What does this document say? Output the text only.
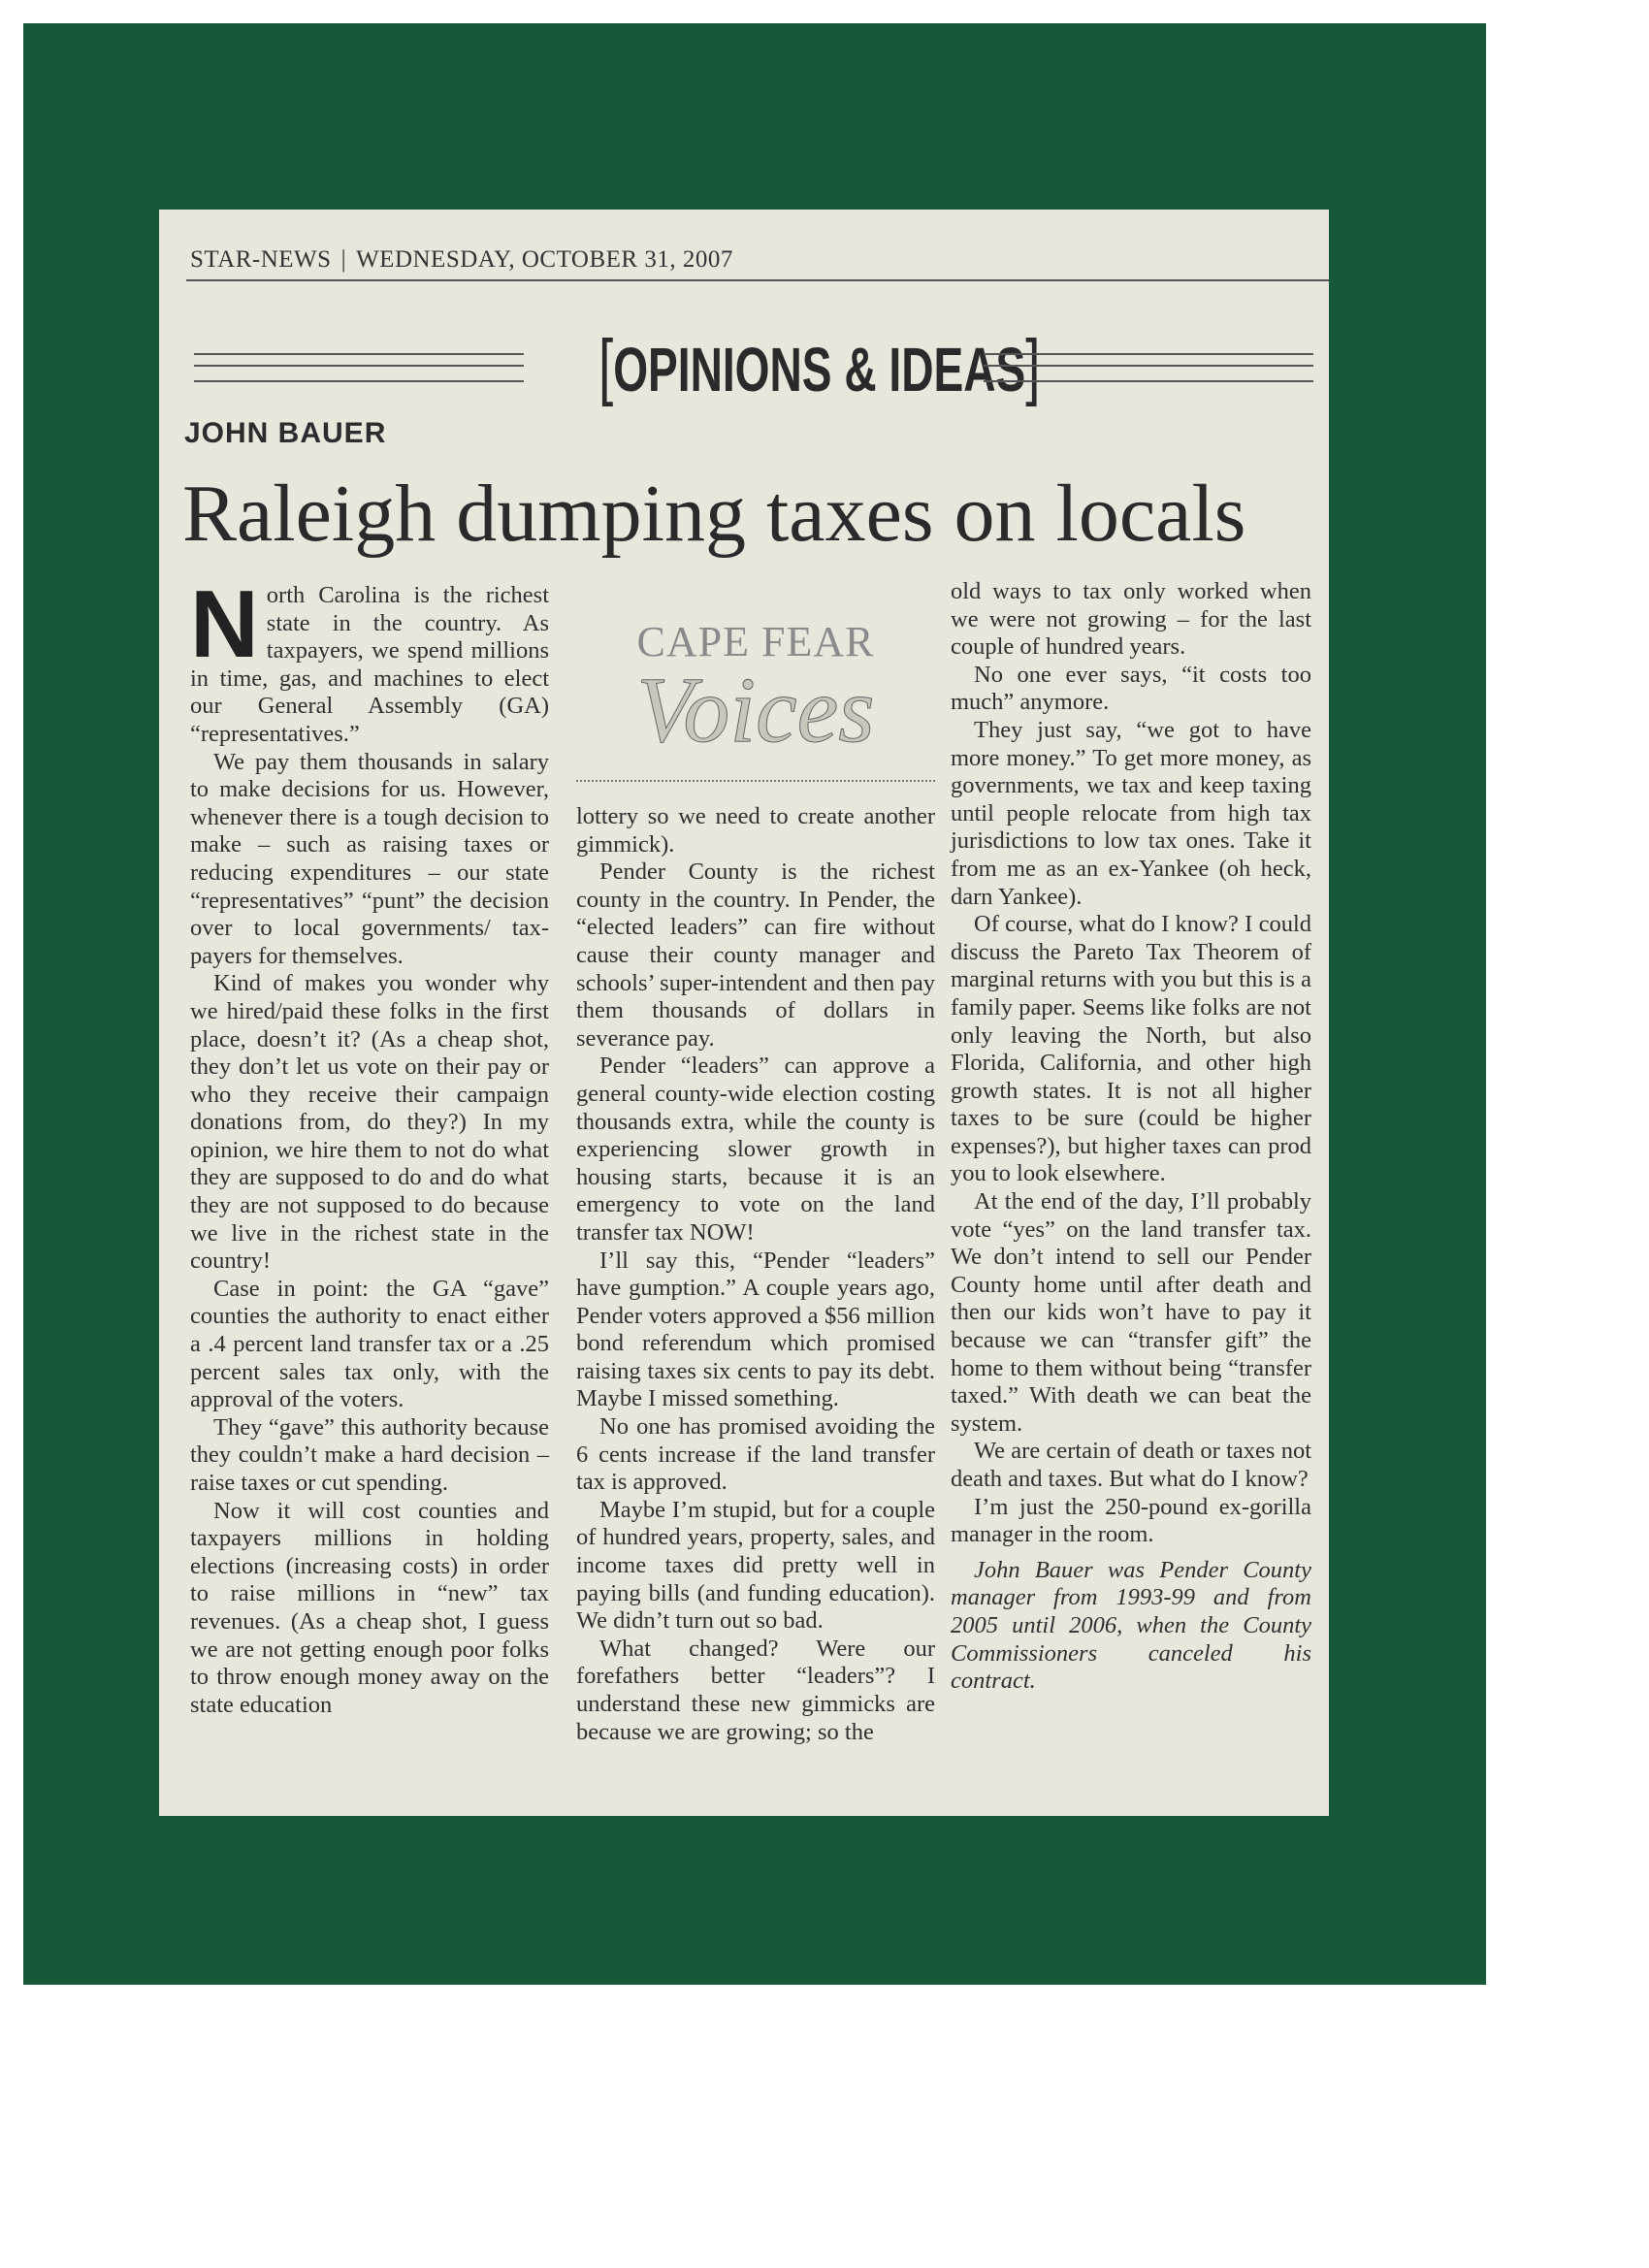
STAR-NEWS | WEDNESDAY, OCTOBER 31, 2007
[OPINIONS & IDEAS]
JOHN BAUER
Raleigh dumping taxes on locals

North Carolina is the richest state in the country. As taxpayers, we spend millions in time, gas, and machines to elect our General Assembly (GA) “representatives.”

We pay them thousands in salary to make decisions for us. However, whenever there is a tough decision to make – such as raising taxes or reducing expenditures – our state “representatives” “punt” the decision over to local governments/ tax-payers for themselves.

Kind of makes you wonder why we hired/paid these folks in the first place, doesn’t it? (As a cheap shot, they don’t let us vote on their pay or who they receive their campaign donations from, do they?) In my opinion, we hire them to not do what they are supposed to do and do what they are not supposed to do because we live in the richest state in the country!

Case in point: the GA “gave” counties the authority to enact either a .4 percent land transfer tax or a .25 percent sales tax only, with the approval of the voters.

They “gave” this authority because they couldn’t make a hard decision – raise taxes or cut spending.

Now it will cost counties and taxpayers millions in holding elections (increasing costs) in order to raise millions in “new” tax revenues. (As a cheap shot, I guess we are not getting enough poor folks to throw enough money away on the state education

CAPE FEAR
Voices

lottery so we need to create another gimmick).

Pender County is the richest county in the country. In Pender, the “elected leaders” can fire without cause their county manager and schools’ super-intendent and then pay them thousands of dollars in severance pay.

Pender “leaders” can approve a general county-wide election costing thousands extra, while the county is experiencing slower growth in housing starts, because it is an emergency to vote on the land transfer tax NOW!

I’ll say this, “Pender “leaders” have gumption.” A couple years ago, Pender voters approved a $56 million bond referendum which promised raising taxes six cents to pay its debt. Maybe I missed something.

No one has promised avoiding the 6 cents increase if the land transfer tax is approved.

Maybe I’m stupid, but for a couple of hundred years, property, sales, and income taxes did pretty well in paying bills (and funding education). We didn’t turn out so bad.

What changed? Were our forefathers better “leaders”? I understand these new gimmicks are because we are growing; so the

old ways to tax only worked when we were not growing – for the last couple of hundred years.

No one ever says, “it costs too much” anymore.

They just say, “we got to have more money.” To get more money, as governments, we tax and keep taxing until people relocate from high tax jurisdictions to low tax ones. Take it from me as an ex-Yankee (oh heck, darn Yankee).

Of course, what do I know? I could discuss the Pareto Tax Theorem of marginal returns with you but this is a family paper. Seems like folks are not only leaving the North, but also Florida, California, and other high growth states. It is not all higher taxes to be sure (could be higher expenses?), but higher taxes can prod you to look elsewhere.

At the end of the day, I’ll probably vote “yes” on the land transfer tax. We don’t intend to sell our Pender County home until after death and then our kids won’t have to pay it because we can “transfer gift” the home to them without being “transfer taxed.” With death we can beat the system.

We are certain of death or taxes not death and taxes. But what do I know?

I’m just the 250-pound ex-gorilla manager in the room.

John Bauer was Pender County manager from 1993-99 and from 2005 until 2006, when the County Commissioners canceled his contract.
